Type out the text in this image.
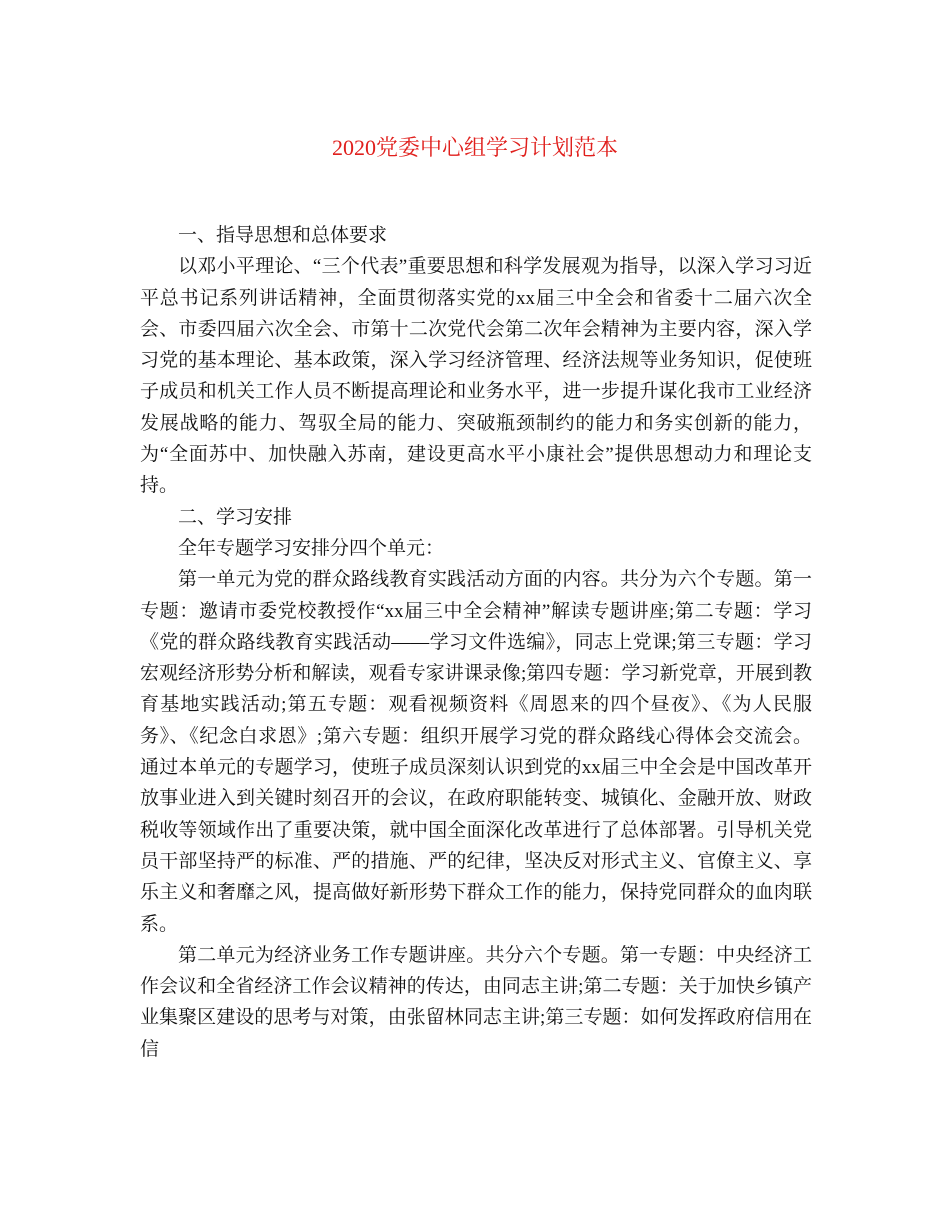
2020党委中心组学习计划范本

一、指导思想和总体要求

以邓小平理论、“三个代表”重要思想和科学发展观为指导，以深入学习习近平总书记系列讲话精神，全面贯彻落实党的xx届三中全会和省委十二届六次全会、市委四届六次全会、市第十二次党代会第二次年会精神为主要内容，深入学习党的基本理论、基本政策，深入学习经济管理、经济法规等业务知识，促使班子成员和机关工作人员不断提高理论和业务水平，进一步提升谋化我市工业经济发展战略的能力、驾驭全局的能力、突破瓶颈制约的能力和务实创新的能力，为“全面苏中、加快融入苏南，建设更高水平小康社会”提供思想动力和理论支持。

二、学习安排

全年专题学习安排分四个单元：

第一单元为党的群众路线教育实践活动方面的内容。共分为六个专题。第一专题：邀请市委党校教授作“xx届三中全会精神”解读专题讲座;第二专题：学习《党的群众路线教育实践活动——学习文件选编》，同志上党课;第三专题：学习宏观经济形势分析和解读，观看专家讲课录像;第四专题：学习新党章，开展到教育基地实践活动;第五专题：观看视频资料《周恩来的四个昼夜》、《为人民服务》、《纪念白求恩》;第六专题：组织开展学习党的群众路线心得体会交流会。 通过本单元的专题学习，使班子成员深刻认识到党的xx届三中全会是中国改革开放事业进入到关键时刻召开的会议，在政府职能转变、城镇化、金融开放、财政税收等领域作出了重要决策，就中国全面深化改革进行了总体部署。引导机关党员干部坚持严的标准、严的措施、严的纪律，坚决反对形式主义、官僚主义、享乐主义和奢靡之风，提高做好新形势下群众工作的能力，保持党同群众的血肉联系。

第二单元为经济业务工作专题讲座。共分六个专题。第一专题：中央经济工作会议和全省经济工作会议精神的传达，由同志主讲;第二专题：关于加快乡镇产业集聚区建设的思考与对策，由张留林同志主讲;第三专题：如何发挥政府信用在信
